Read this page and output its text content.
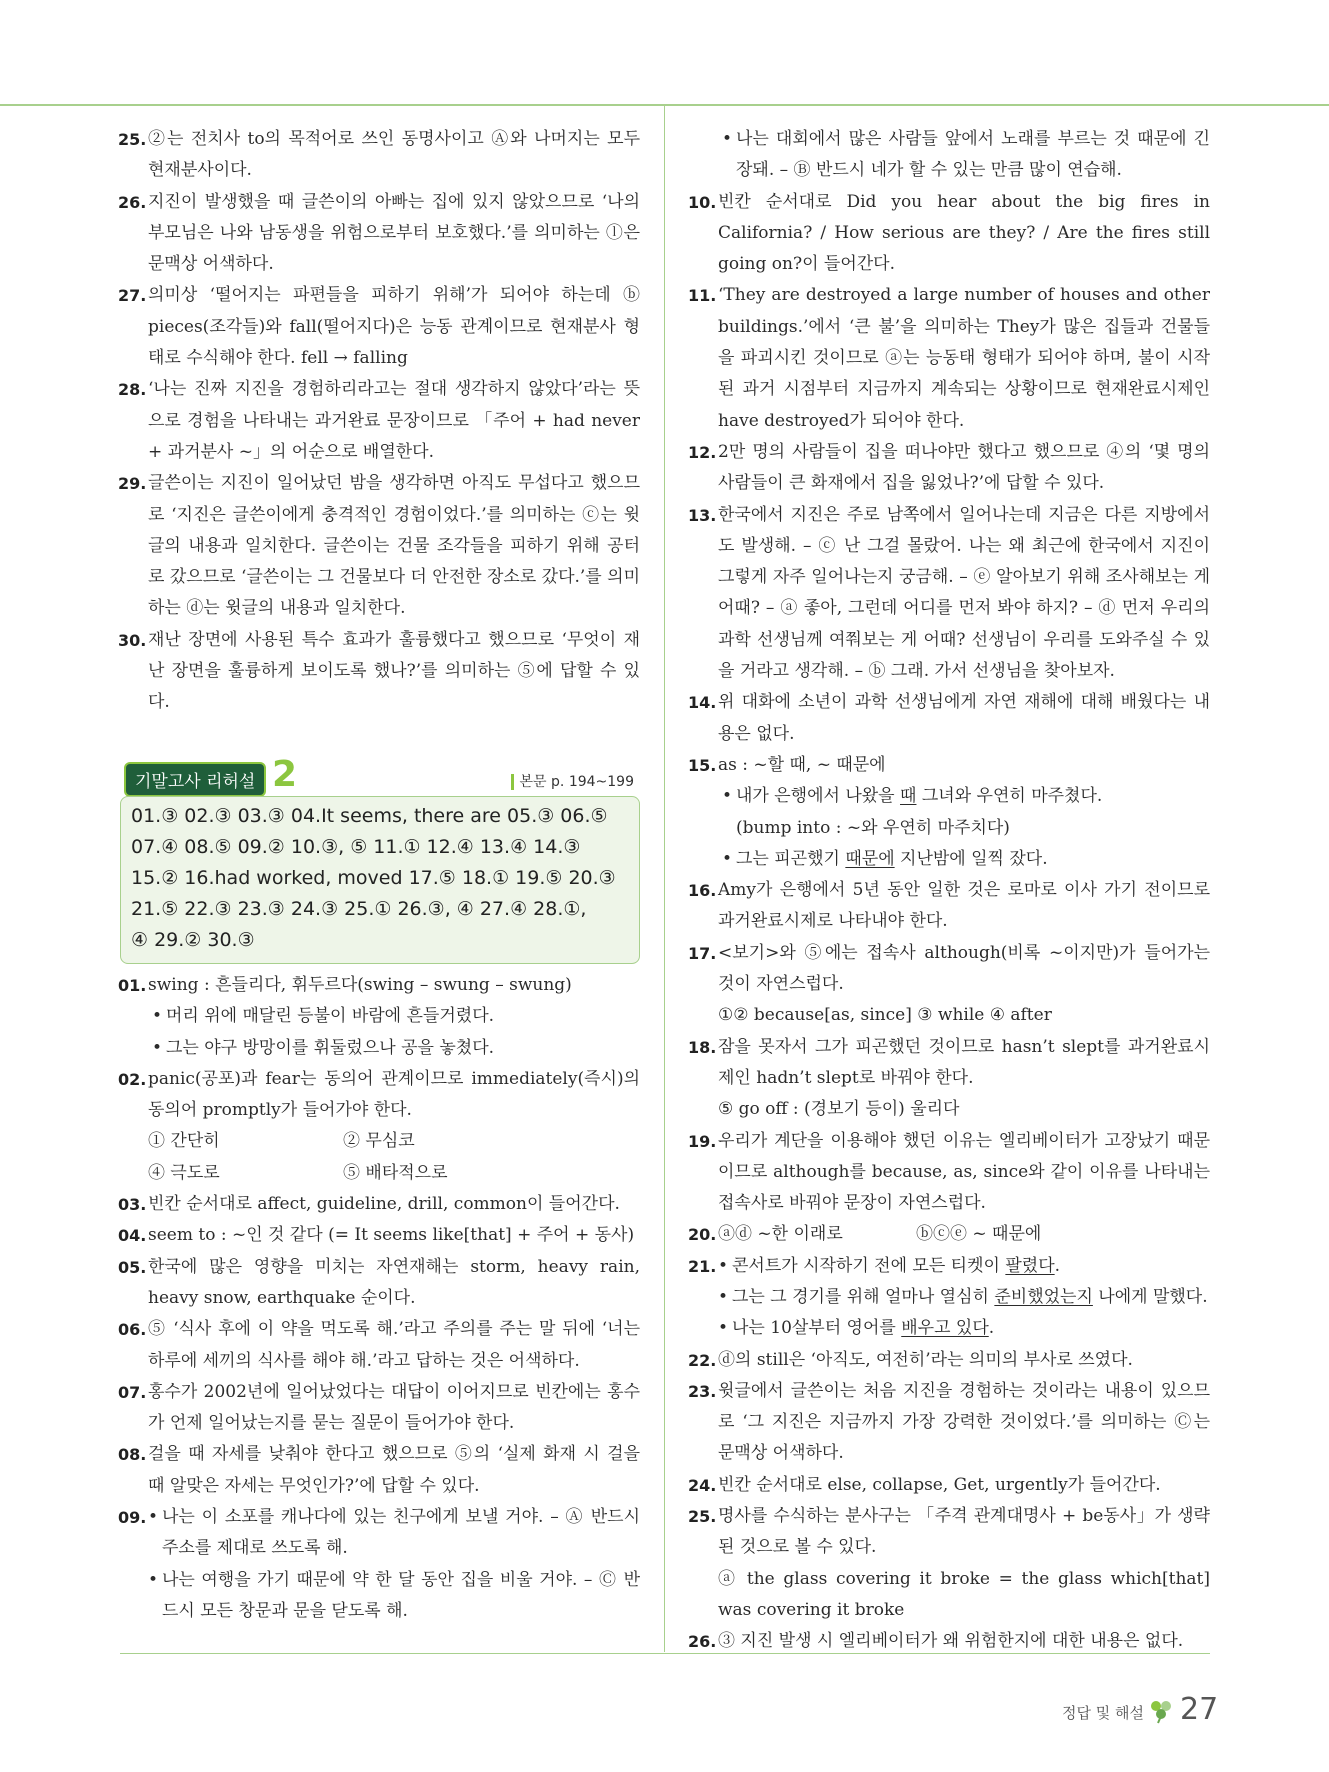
25. ②는 전치사 to의 목적어로 쓰인 동명사이고 Ⓐ와 나머지는 모두 현재분사이다.
26. 지진이 발생했을 때 글쓴이의 아빠는 집에 있지 않았으므로 ‘나의 부모님은 나와 남동생을 위험으로부터 보호했다.’를 의미하는 ⓛ은 문맥상 어색하다.
27. 의미상 ‘떨어지는 파편들을 피하기 위해’가 되어야 하는데 ⓑ pieces(조각들)와 fall(떨어지다)은 능동 관계이므로 현재분사 형태로 수식해야 한다. fell → falling
28. ‘나는 진짜 지진을 경험하리라고는 절대 생각하지 않았다’라는 뜻으로 경험을 나타내는 과거완료 문장이므로 「주어 + had never + 과거분사 ~」의 어순으로 배열한다.
29. 글쓴이는 지진이 일어났던 밤을 생각하면 아직도 무섭다고 했으므로 ‘지진은 글쓴이에게 충격적인 경험이었다.’를 의미하는 ⓒ는 윗글의 내용과 일치한다. 글쓴이는 건물 조각들을 피하기 위해 공터로 갔으므로 ‘글쓴이는 그 건물보다 더 안전한 장소로 갔다.’를 의미하는 ⓓ는 윗글의 내용과 일치한다.
30. 재난 장면에 사용된 특수 효과가 훌륭했다고 했으므로 ‘무엇이 재난 장면을 훌륭하게 보이도록 했나?’를 의미하는 ⑤에 답할 수 있다.
기말고사 리허설 2	본문 p. 194~199
01.③ 02.③ 03.③ 04.It seems, there are 05.③ 06.⑤
07.④ 08.⑤ 09.② 10.③, ⑤ 11.① 12.④ 13.④ 14.③
15.② 16.had worked, moved 17.⑤ 18.① 19.⑤ 20.③
21.⑤ 22.③ 23.③ 24.③ 25.① 26.③, ④ 27.④ 28.①,
④ 29.② 30.③
01. swing : 흔들리다, 휘두르다(swing – swung – swung)
• 머리 위에 매달린 등불이 바람에 흔들거렸다.
• 그는 야구 방망이를 휘둘렀으나 공을 놓쳤다.
02. panic(공포)과 fear는 동의어 관계이므로 immediately(즉시)의 동의어 promptly가 들어가야 한다.
① 간단히	② 무심코
④ 극도로	⑤ 배타적으로
03. 빈칸 순서대로 affect, guideline, drill, common이 들어간다.
04. seem to : ~인 것 같다 (= It seems like[that] + 주어 + 동사)
05. 한국에 많은 영향을 미치는 자연재해는 storm, heavy rain, heavy snow, earthquake 순이다.
06. ⑤ ‘식사 후에 이 약을 먹도록 해.’라고 주의를 주는 말 뒤에 ‘너는 하루에 세끼의 식사를 해야 해.’라고 답하는 것은 어색하다.
07. 홍수가 2002년에 일어났었다는 대답이 이어지므로 빈칸에는 홍수가 언제 일어났는지를 묻는 질문이 들어가야 한다.
08. 걸을 때 자세를 낮춰야 한다고 했으므로 ⑤의 ‘실제 화재 시 걸을 때 알맞은 자세는 무엇인가?’에 답할 수 있다.
09. • 나는 이 소포를 캐나다에 있는 친구에게 보낼 거야. – Ⓐ 반드시 주소를 제대로 쓰도록 해.
• 나는 여행을 가기 때문에 약 한 달 동안 집을 비울 거야. – Ⓒ 반드시 모든 창문과 문을 닫도록 해.
• 나는 대회에서 많은 사람들 앞에서 노래를 부르는 것 때문에 긴장돼. – Ⓑ 반드시 네가 할 수 있는 만큼 많이 연습해.
10. 빈칸 순서대로 Did you hear about the big fires in California? / How serious are they? / Are the fires still going on?이 들어간다.
11. ‘They are destroyed a large number of houses and other buildings.’에서 ‘큰 불’을 의미하는 They가 많은 집들과 건물들을 파괴시킨 것이므로 ⓐ는 능동태 형태가 되어야 하며, 불이 시작된 과거 시점부터 지금까지 계속되는 상황이므로 현재완료시제인 have destroyed가 되어야 한다.
12. 2만 명의 사람들이 집을 떠나야만 했다고 했으므로 ④의 ‘몇 명의 사람들이 큰 화재에서 집을 잃었나?’에 답할 수 있다.
13. 한국에서 지진은 주로 남쪽에서 일어나는데 지금은 다른 지방에서도 발생해. – ⓒ 난 그걸 몰랐어. 나는 왜 최근에 한국에서 지진이 그렇게 자주 일어나는지 궁금해. – ⓔ 알아보기 위해 조사해보는 게 어때? – ⓐ 좋아, 그런데 어디를 먼저 봐야 하지? – ⓓ 먼저 우리의 과학 선생님께 여쭤보는 게 어때? 선생님이 우리를 도와주실 수 있을 거라고 생각해. – ⓑ 그래. 가서 선생님을 찾아보자.
14. 위 대화에 소년이 과학 선생님에게 자연 재해에 대해 배웠다는 내용은 없다.
15. as : ~할 때, ~ 때문에
• 내가 은행에서 나왔을 때 그녀와 우연히 마주쳤다.
(bump into : ~와 우연히 마주치다)
• 그는 피곤했기 때문에 지난밤에 일찍 잤다.
16. Amy가 은행에서 5년 동안 일한 것은 로마로 이사 가기 전이므로 과거완료시제로 나타내야 한다.
17. <보기>와 ⑤에는 접속사 although(비록 ~이지만)가 들어가는 것이 자연스럽다.
①② because[as, since] ③ while ④ after
18. 잠을 못자서 그가 피곤했던 것이므로 hasn’t slept를 과거완료시제인 hadn’t slept로 바꿔야 한다.
⑤ go off : (경보기 등이) 울리다
19. 우리가 계단을 이용해야 했던 이유는 엘리베이터가 고장났기 때문이므로 although를 because, as, since와 같이 이유를 나타내는 접속사로 바꿔야 문장이 자연스럽다.
20. ⓐⓓ ~한 이래로	ⓑⓒⓔ ~ 때문에
21. • 콘서트가 시작하기 전에 모든 티켓이 팔렸다.
• 그는 그 경기를 위해 얼마나 열심히 준비했었는지 나에게 말했다.
• 나는 10살부터 영어를 배우고 있다.
22. ⓓ의 still은 ‘아직도, 여전히’라는 의미의 부사로 쓰였다.
23. 윗글에서 글쓴이는 처음 지진을 경험하는 것이라는 내용이 있으므로 ‘그 지진은 지금까지 가장 강력한 것이었다.’를 의미하는 Ⓒ는 문맥상 어색하다.
24. 빈칸 순서대로 else, collapse, Get, urgently가 들어간다.
25. 명사를 수식하는 분사구는 「주격 관계대명사 + be동사」가 생략된 것으로 볼 수 있다.
ⓐ the glass covering it broke = the glass which[that] was covering it broke
26. ③ 지진 발생 시 엘리베이터가 왜 위험한지에 대한 내용은 없다.
정답 및 해설 27
